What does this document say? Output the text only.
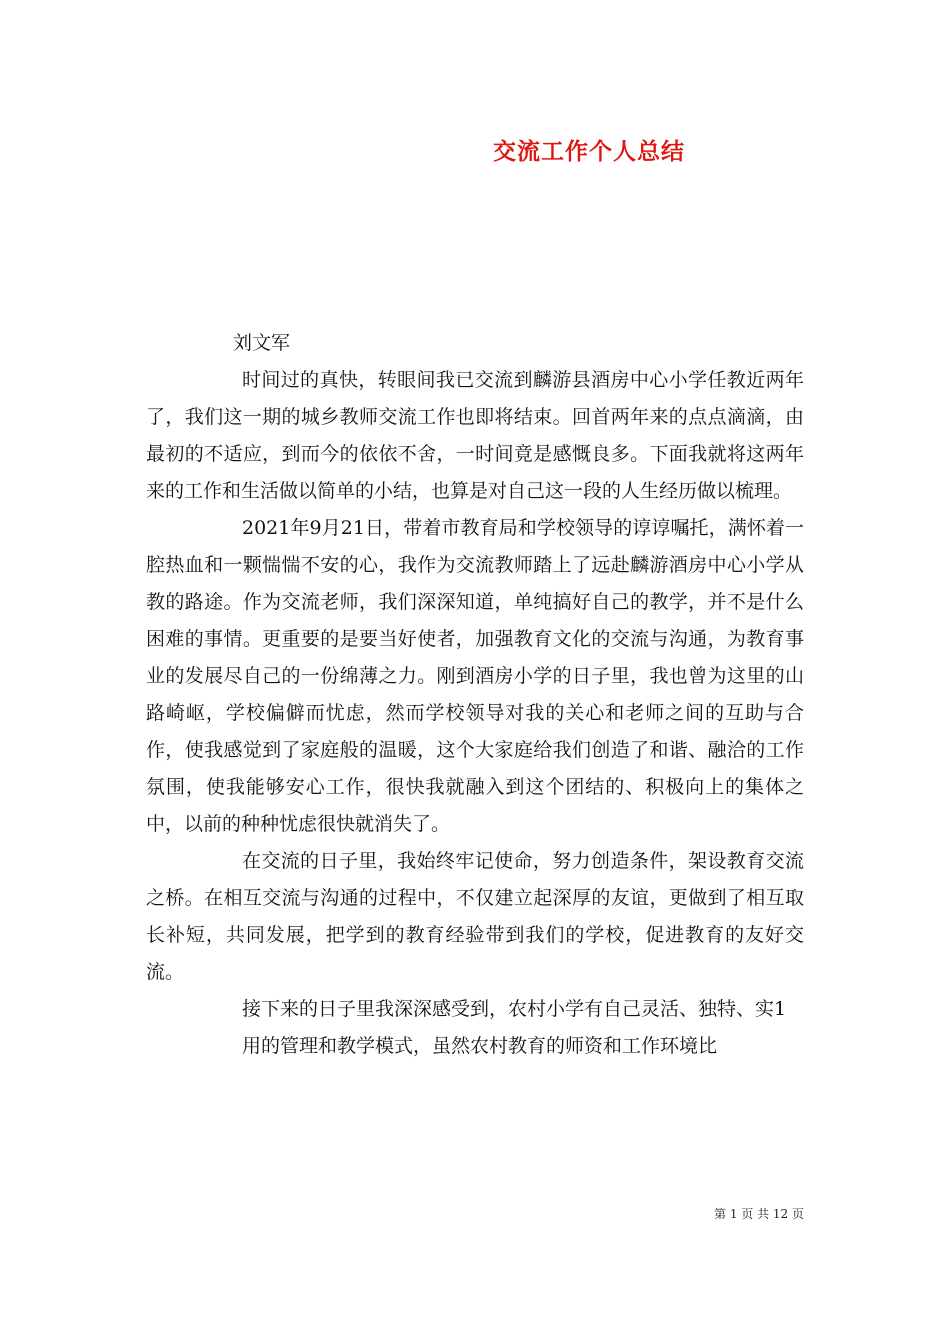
交流工作个人总结
刘文军

时间过的真快，转眼间我已交流到麟游县酒房中心小学任教近两年了，我们这一期的城乡教师交流工作也即将结束。回首两年来的点点滴滴，由最初的不适应，到而今的依依不舍，一时间竟是感慨良多。下面我就将这两年来的工作和生活做以简单的小结，也算是对自己这一段的人生经历做以梳理。

2021年9月21日，带着市教育局和学校领导的谆谆嘱托，满怀着一腔热血和一颗惴惴不安的心，我作为交流教师踏上了远赴麟游酒房中心小学从教的路途。作为交流老师，我们深深知道，单纯搞好自己的教学，并不是什么困难的事情。更重要的是要当好使者，加强教育文化的交流与沟通，为教育事业的发展尽自己的一份绵薄之力。刚到酒房小学的日子里，我也曾为这里的山路崎岖，学校偏僻而忧虑，然而学校领导对我的关心和老师之间的互助与合作，使我感觉到了家庭般的温暖，这个大家庭给我们创造了和谐、融洽的工作氛围，使我能够安心工作，很快我就融入到这个团结的、积极向上的集体之中，以前的种种忧虑很快就消失了。

在交流的日子里，我始终牢记使命，努力创造条件，架设教育交流之桥。在相互交流与沟通的过程中，不仅建立起深厚的友谊，更做到了相互取长补短，共同发展，把学到的教育经验带到我们的学校，促进教育的友好交流。

接下来的日子里我深深感受到，农村小学有自己灵活、独特、实1

用的管理和教学模式，虽然农村教育的师资和工作环境比

第 1 页 共 12 页
